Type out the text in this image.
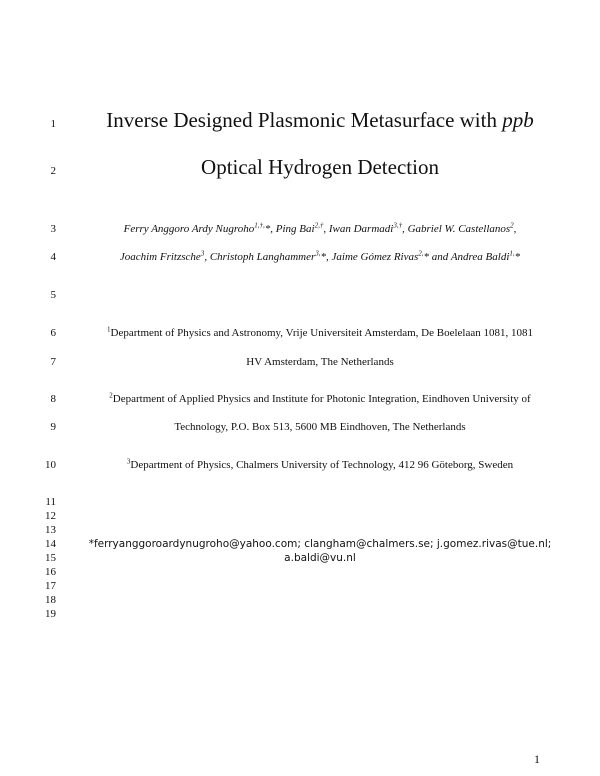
1
2
3
4
5
6
7
8
9
10
11
12
13
14
15
16
17
18
19
Inverse Designed Plasmonic Metasurface with ppb
Optical Hydrogen Detection
Ferry Anggoro Ardy Nugroho$^{1,\dagger,}$*, Ping Bai$^{2,\dagger}$, Iwan Darmadi$^{3,\dagger}$, Gabriel W. Castellanos$^2$,
Joachim Fritzsche$^3$, Christoph Langhammer$^{3,}$*, Jaime Gómez Rivas$^{2,}$* and Andrea Baldi$^{1,}$*
$^1$Department of Physics and Astronomy, Vrije Universiteit Amsterdam, De Boelelaan 1081, 1081
HV Amsterdam, The Netherlands
$^2$Department of Applied Physics and Institute for Photonic Integration, Eindhoven University of
Technology, P.O. Box 513, 5600 MB Eindhoven, The Netherlands
$^3$Department of Physics, Chalmers University of Technology, 412 96 Göteborg, Sweden
*ferryanggoroardynugroho@yahoo.com; clangham@chalmers.se; j.gomez.rivas@tue.nl;
a.baldi@vu.nl
1
